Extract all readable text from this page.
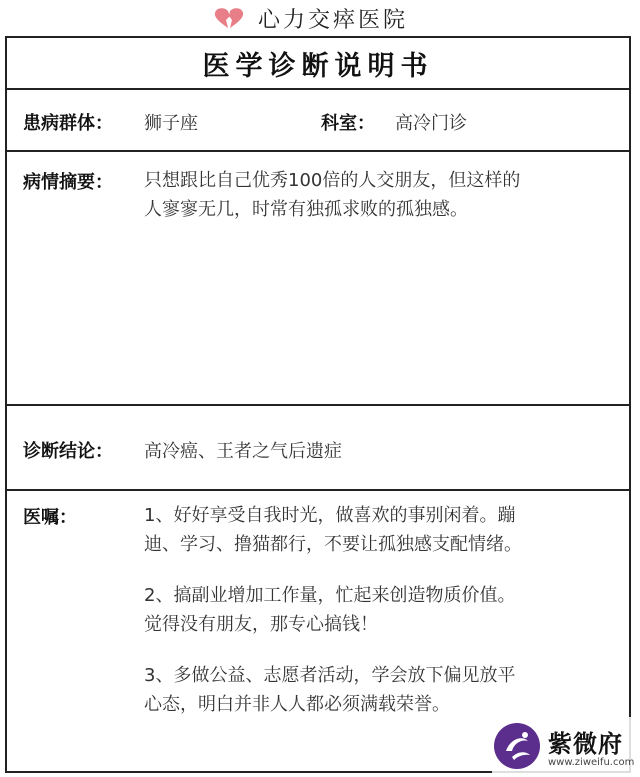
心力交瘁医院
医学诊断说明书
患病群体： 狮子座	科室： 高冷门诊
病情摘要： 只想跟比自己优秀100倍的人交朋友，但这样的
人寥寥无几，时常有独孤求败的孤独感。
诊断结论： 高冷癌、王者之气后遗症
医嘱：	1、好好享受自我时光，做喜欢的事别闲着。蹦
迪、学习、撸猫都行，不要让孤独感支配情绪。
2、搞副业增加工作量，忙起来创造物质价值。
觉得没有朋友，那专心搞钱！
3、多做公益、志愿者活动，学会放下偏见放平
心态，明白并非人人都必须满载荣誉。
紫微府
www.ziweifu.com
